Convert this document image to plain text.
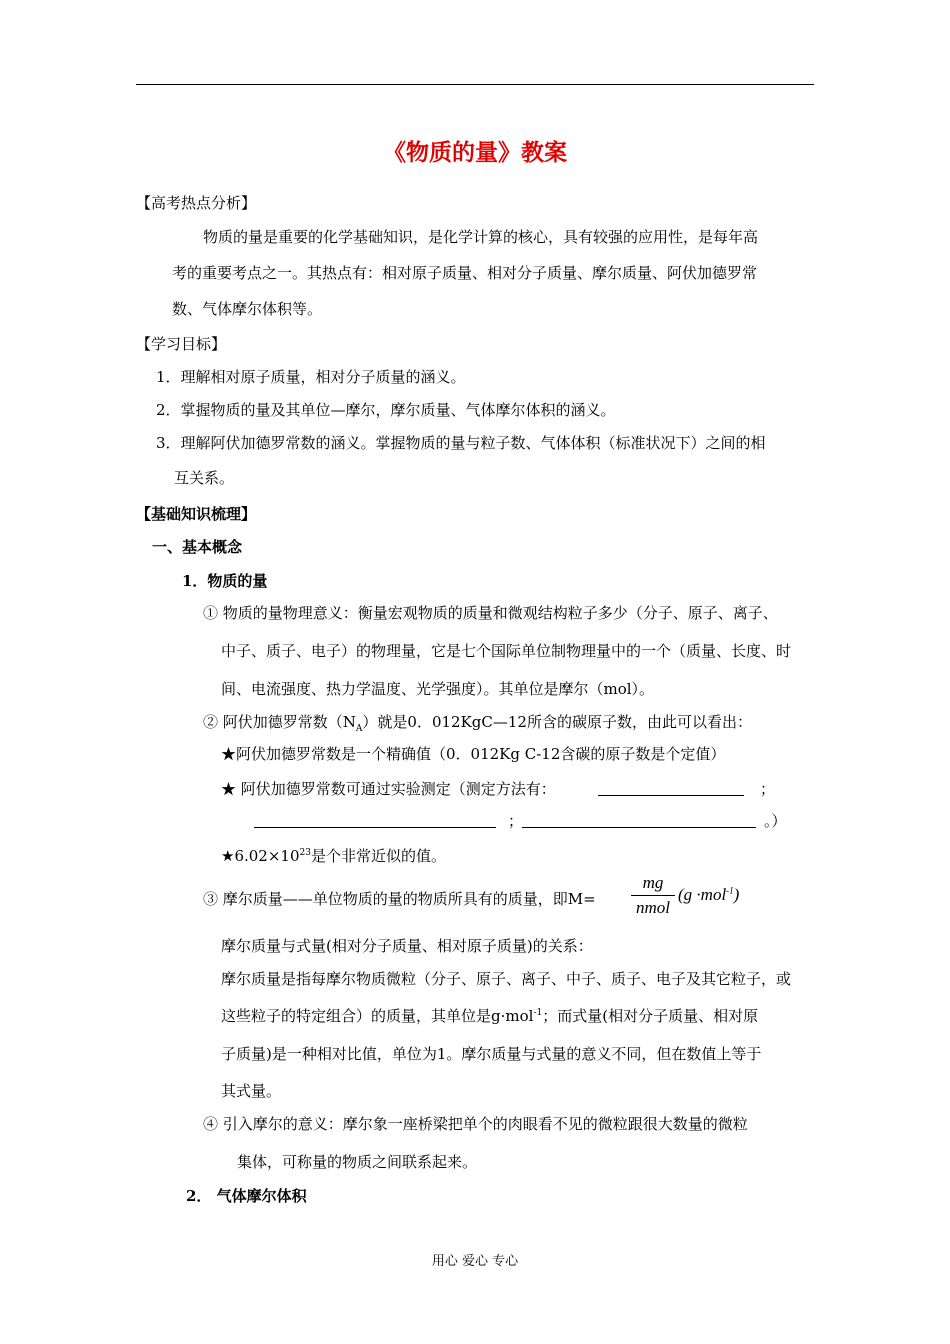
《物质的量》教案
【高考热点分析】
物质的量是重要的化学基础知识，是化学计算的核心，具有较强的应用性，是每年高
考的重要考点之一。其热点有：相对原子质量、相对分子质量、摩尔质量、阿伏加德罗常
数、气体摩尔体积等。
【学习目标】
1．理解相对原子质量，相对分子质量的涵义。
2．掌握物质的量及其单位—摩尔，摩尔质量、气体摩尔体积的涵义。
3．理解阿伏加德罗常数的涵义。掌握物质的量与粒子数、气体体积（标准状况下）之间的相
互关系。
【基础知识梳理】
一、基本概念
1．物质的量
① 物质的量物理意义：衡量宏观物质的质量和微观结构粒子多少（分子、原子、离子、
中子、质子、电子）的物理量，它是七个国际单位制物理量中的一个（质量、长度、时
间、电流强度、热力学温度、光学强度）。其单位是摩尔（mol）。
② 阿伏加德罗常数$(N_A)$就是0．012KgC—12所含的碳原子数，由此可以看出：
★阿伏加德罗常数是一个精确值（0．012Kg C-12含碳的原子数是个定值）
★ 阿伏加德罗常数可通过实验测定（测定方法有：	；
；	。）
$★6.02\times 10^{23}$是个非常近似的值。
③ 摩尔质量——单位物质的量的物质所具有的质量，即M=
mg
nmol
(g ·mol$^{-1}$)
摩尔质量与式量(相对分子质量、相对原子质量)的关系：
摩尔质量是指每摩尔物质微粒（分子、原子、离子、中子、质子、电子及其它粒子，或
这些粒子的特定组合）的质量，其单位是g·mol$^{-1}$；而式量(相对分子质量、相对原
子质量)是一种相对比值，单位为1。摩尔质量与式量的意义不同，但在数值上等于
其式量。
④ 引入摩尔的意义：摩尔象一座桥梁把单个的肉眼看不见的微粒跟很大数量的微粒
集体，可称量的物质之间联系起来。
2． 气体摩尔体积
用心 爱心 专心
